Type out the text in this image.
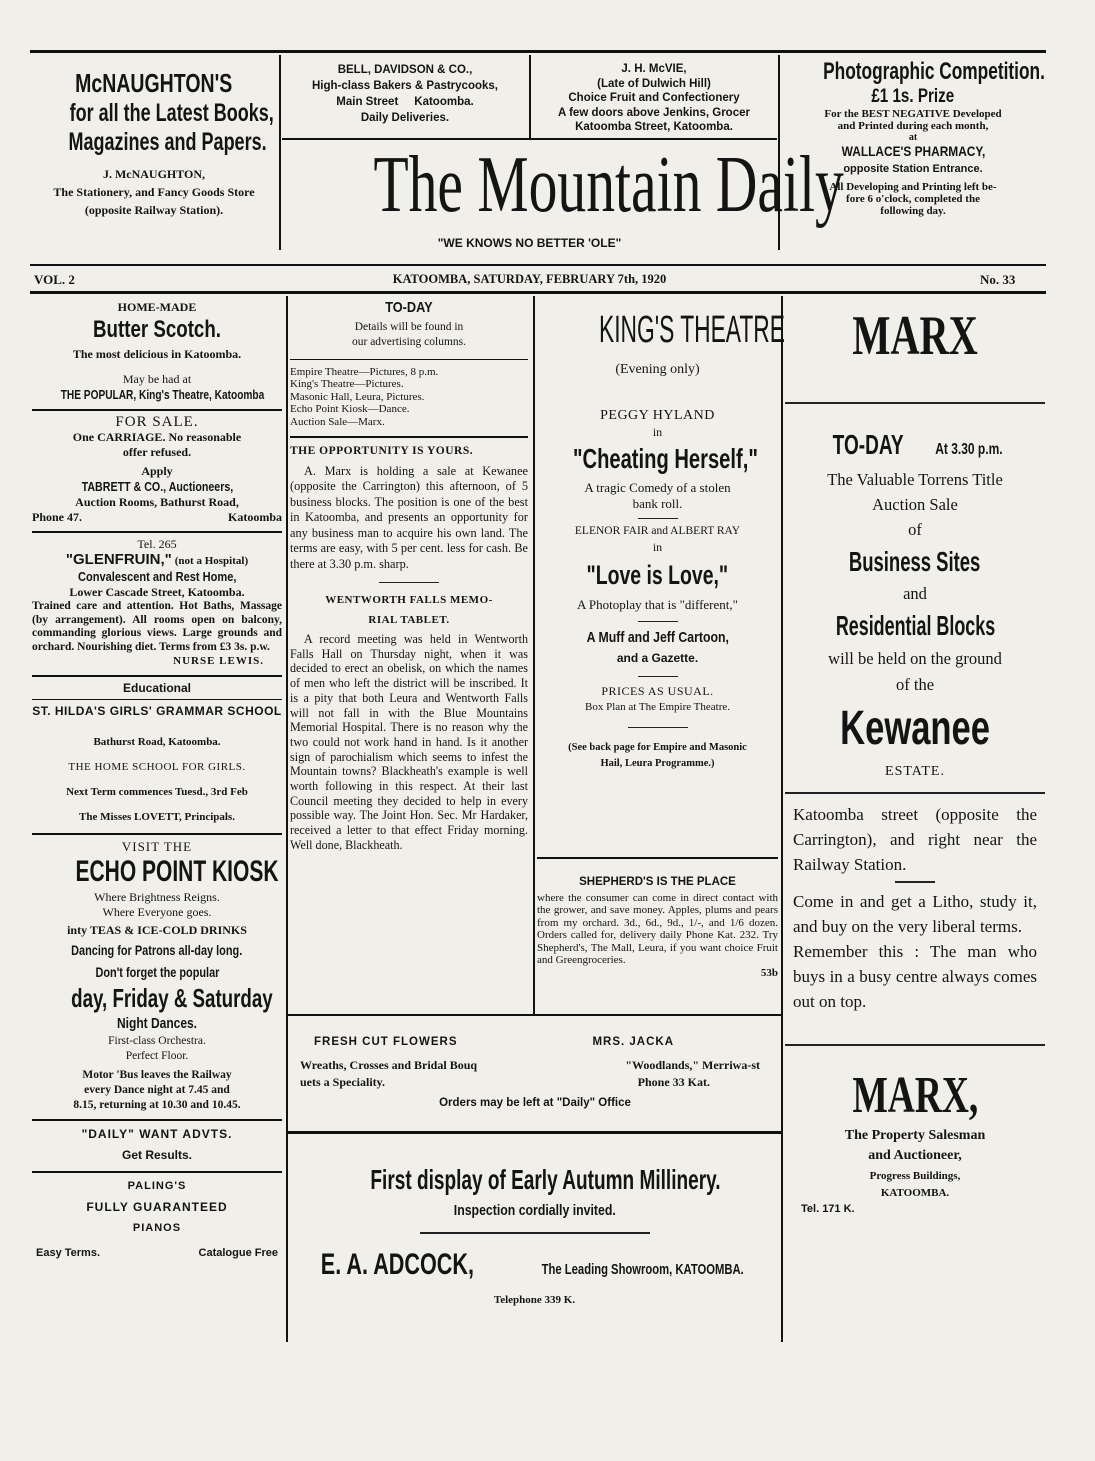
McNAUGHTON'S for all the Latest Books, Magazines and Papers.
J. McNAUGHTON,
The Stationery, and Fancy Goods Store
(opposite Railway Station).
BELL, DAVIDSON & CO.,
High-class Bakers & Pastrycooks,
Main Street     Katoomba.
Daily Deliveries.
J. H. McVIE,
(Late of Dulwich Hill)
Choice Fruit and Confectionery
A few doors above Jenkins, Grocer
Katoomba Street, Katoomba.
The Mountain Daily
"WE KNOWS NO BETTER 'OLE"
Photographic Competition. £1 1s. Prize
For the BEST NEGATIVE Developed
and Printed during each month,
at
WALLACE'S PHARMACY,
opposite Station Entrance.
All Developing and Printing left be-
fore 6 o'clock, completed the
following day.
VOL. 2	KATOOMBA, SATURDAY, FEBRUARY 7th, 1920	No. 33
HOME-MADE
Butter Scotch.
The most delicious in Katoomba.
May be had at
THE POPULAR, King's Theatre, Katoomba
FOR SALE.
One CARRIAGE. No reasonable
offer refused.
Apply
TABRETT & CO., Auctioneers,
Auction Rooms, Bathurst Road,
Phone 47.	Katoomba
Tel. 265
"GLENFRUIN," (not a Hospital)
Convalescent and Rest Home,
Lower Cascade Street, Katoomba.

Trained care and attention. Hot Baths, Massage (by arrangement). All rooms open on balcony, commanding glorious views. Large grounds and orchard. Nourishing diet. Terms from £3 3s. p.w.

NURSE LEWIS.
Educational
ST. HILDA'S GIRLS' GRAMMAR SCHOOL
Bathurst Road, Katoomba.
THE HOME SCHOOL FOR GIRLS.
Next Term commences Tuesd., 3rd Feb
The Misses LOVETT, Principals.
VISIT THE
ECHO POINT KIOSK
Where Brightness Reigns.
Where Everyone goes.
inty TEAS & ICE-COLD DRINKS
Dancing for Patrons all-day long. Don't forget the popular day, Friday & Saturday Night Dances.
First-class Orchestra.
Perfect Floor.
Motor 'Bus leaves the Railway
every Dance night at 7.45 and
8.15, returning at 10.30 and 10.45.
"DAILY" WANT ADVTS.
Get Results.
PALING'S
FULLY GUARANTEED
PIANOS
Easy Terms.	Catalogue Free
TO-DAY
Details will be found in
our advertising columns.
Empire Theatre—Pictures, 8 p.m.
King's Theatre—Pictures.
Masonic Hall, Leura, Pictures.
Echo Point Kiosk—Dance.
Auction Sale—Marx.
THE OPPORTUNITY IS YOURS.

A. Marx is holding a sale at Kewanee (opposite the Carrington) this afternoon, of 5 business blocks. The position is one of the best in Katoomba, and presents an opportunity for any business man to acquire his own land. The terms are easy, with 5 per cent. less for cash. Be there at 3.30 p.m. sharp.

WENTWORTH FALLS MEMO-
RIAL TABLET.

A record meeting was held in Wentworth Falls Hall on Thursday night, when it was decided to erect an obelisk, on which the names of men who left the district will be inscribed. It is a pity that both Leura and Wentworth Falls will not fall in with the Blue Mountains Memorial Hospital. There is no reason why the two could not work hand in hand. Is it another sign of parochialism which seems to infest the Mountain towns? Blackheath's example is well worth following in this respect. At their last Council meeting they decided to help in every possible way. The Joint Hon. Sec. Mr Hardaker, received a letter to that effect Friday morning. Well done, Blackheath.

KING'S THEATRE
(Evening only)
PEGGY HYLAND
in
"Cheating Herself,"
A tragic Comedy of a stolen
bank roll.
ELENOR FAIR and ALBERT RAY
in
"Love is Love,"
A Photoplay that is "different,"
A Muff and Jeff Cartoon,
and a Gazette.
PRICES AS USUAL.
Box Plan at The Empire Theatre.
(See back page for Empire and Masonic
Hail, Leura Programme.)
SHEPHERD'S IS THE PLACE

where the consumer can come in direct contact with the grower, and save money. Apples, plums and pears from my orchard. 3d., 6d., 9d., 1/-, and 1/6 dozen. Orders called for, delivery daily Phone Kat. 232. Try Shepherd's, The Mall, Leura, if you want choice Fruit and Greengroceries.

53b
FRESH CUT FLOWERS	MRS. JACKA
Wreaths, Crosses and Bridal Bouq	"Woodlands," Merriwa-st
uets a Speciality.	Phone 33 Kat.
Orders may be left at "Daily" Office
First display of Early Autumn Millinery. Inspection cordially invited.
E. A. ADCOCK,	The Leading Showroom, KATOOMBA.
Telephone 339 K.
MARX
TO-DAY At 3.30 p.m.
The Valuable Torrens Title
Auction Sale
of
Business Sites
and
Residential Blocks
will be held on the ground
of the
Kewanee
ESTATE.

Katoomba street (opposite the Carrington), and right near the Railway Station.

Come in and get a Litho, study it, and buy on the very liberal terms.

Remember this : The man who buys in a busy centre always comes out on top.

MARX,
The Property Salesman
and Auctioneer,
Progress Buildings,
KATOOMBA.
Tel. 171 K.
